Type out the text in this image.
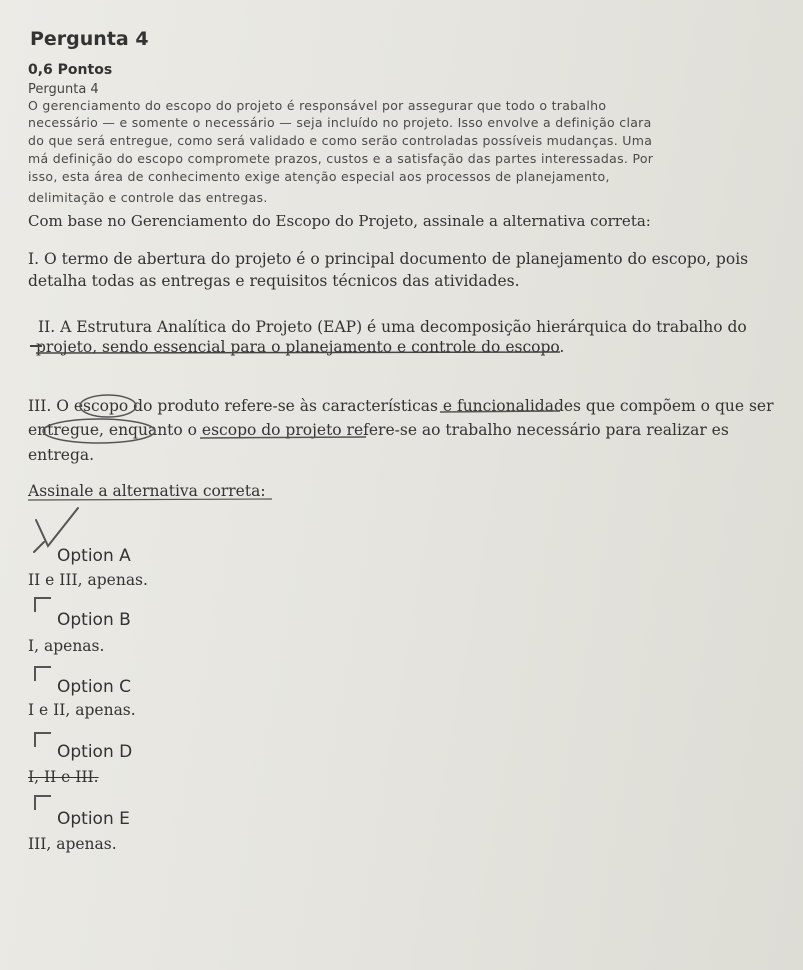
Pergunta 4
0,6 Pontos
Pergunta 4
O gerenciamento do escopo do projeto é responsável por assegurar que todo o trabalho
necessário — e somente o necessário — seja incluído no projeto. Isso envolve a definição clara
do que será entregue, como será validado e como serão controladas possíveis mudanças. Uma
má definição do escopo compromete prazos, custos e a satisfação das partes interessadas. Por
isso, esta área de conhecimento exige atenção especial aos processos de planejamento,
delimitação e controle das entregas.
Com base no Gerenciamento do Escopo do Projeto, assinale a alternativa correta:
I. O termo de abertura do projeto é o principal documento de planejamento do escopo, pois
detalha todas as entregas e requisitos técnicos das atividades.
II. A Estrutura Analítica do Projeto (EAP) é uma decomposição hierárquica do trabalho do
projeto, sendo essencial para o planejamento e controle do escopo.
III. O escopo do produto refere-se às características e funcionalidades que compõem o que ser
entregue, enquanto o escopo do projeto refere-se ao trabalho necessário para realizar es
entrega.
Assinale a alternativa correta:
Option A
II e III, apenas.
Option B
I, apenas.
Option C
I e II, apenas.
Option D
I, II e III.
Option E
III, apenas.
